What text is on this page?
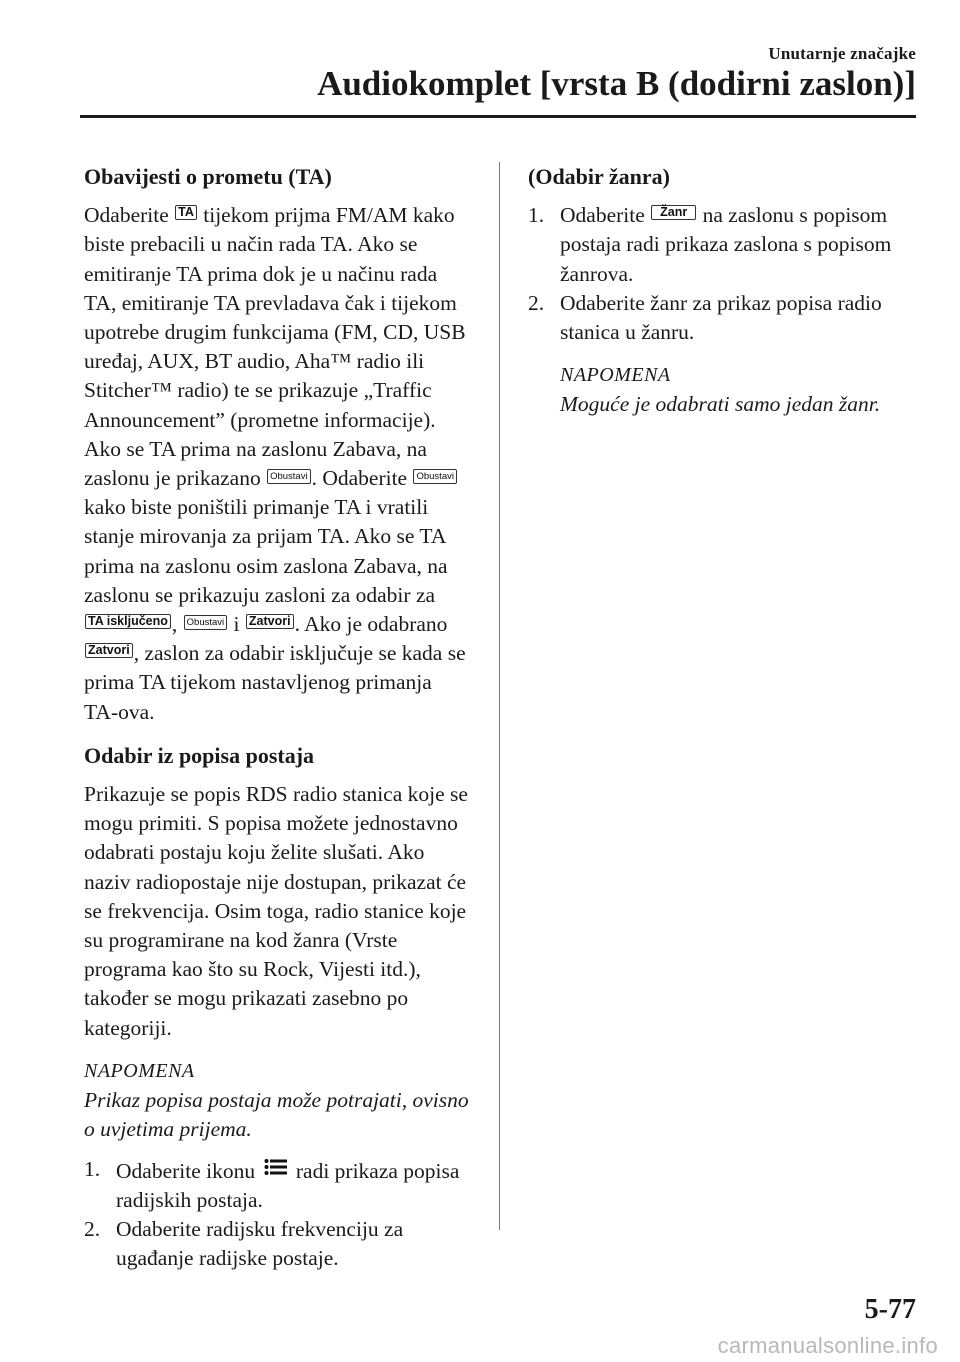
Unutarnje značajke
Audiokomplet [vrsta B (dodirni zaslon)]
Obavijesti o prometu (TA)

Odaberite TA tijekom prijma FM/AM kako biste prebacili u način rada TA. Ako se emitiranje TA prima dok je u načinu rada TA, emitiranje TA prevladava čak i tijekom upotrebe drugim funkcijama (FM, CD, USB uređaj, AUX, BT audio, Aha™ radio ili Stitcher™ radio) te se prikazuje „Traffic Announcement” (prometne informacije). Ako se TA prima na zaslonu Zabava, na zaslonu je prikazano Obustavi . Odaberite Obustavi kako biste poništili primanje TA i vratili stanje mirovanja za prijam TA. Ako se TA prima na zaslonu osim zaslona Zabava, na zaslonu se prikazuju zasloni za odabir za TA isključeno , Obustavi i Zatvori . Ako je odabrano Zatvori , zaslon za odabir isključuje se kada se prima TA tijekom nastavljenog primanja TA-ova.

Odabir iz popisa postaja

Prikazuje se popis RDS radio stanica koje se mogu primiti. S popisa možete jednostavno odabrati postaju koju želite slušati. Ako naziv radiopostaje nije dostupan, prikazat će se frekvencija. Osim toga, radio stanice koje su programirane na kod žanra (Vrste programa kao što su Rock, Vijesti itd.), također se mogu prikazati zasebno po kategoriji.

NAPOMENA

Prikaz popisa postaja može potrajati, ovisno o uvjetima prijema.

1. Odaberite ikonu radi prikaza popisa radijskih postaja.
2. Odaberite radijsku frekvenciju za ugađanje radijske postaje.
(Odabir žanra)
1. Odaberite Žanr na zaslonu s popisom postaja radi prikaza zaslona s popisom žanrova.
2. Odaberite žanr za prikaz popisa radio stanica u žanru.
NAPOMENA

Moguće je odabrati samo jedan žanr.

5-77
carmanualsonline.info
